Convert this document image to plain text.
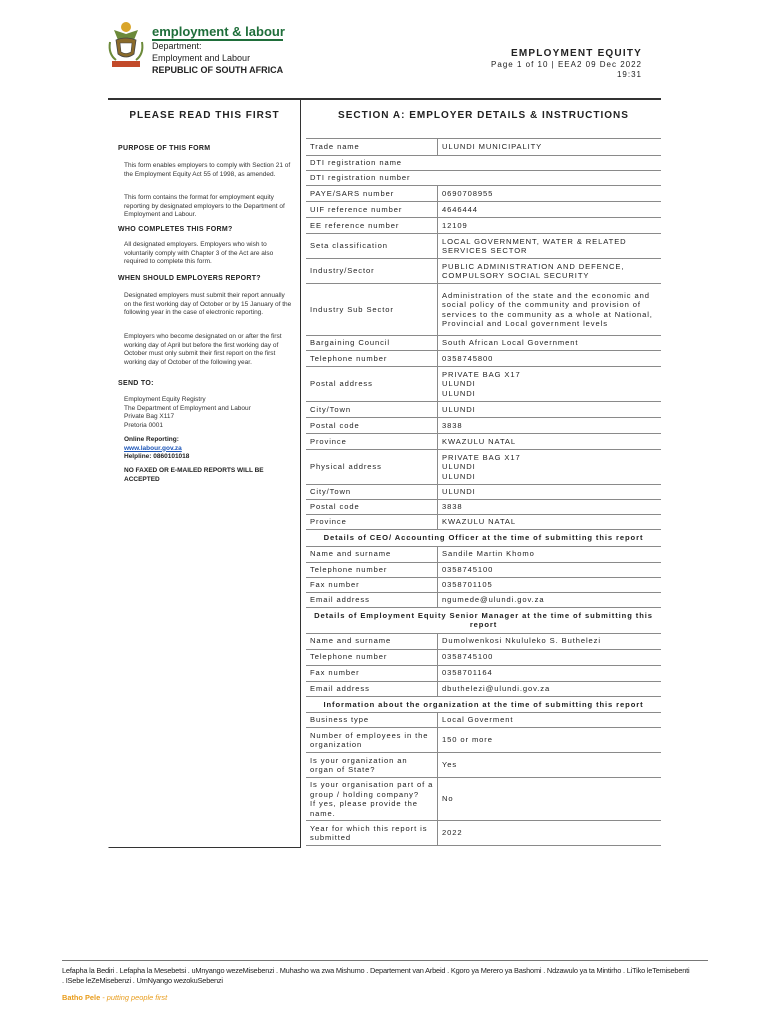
employment & labour
Department:
Employment and Labour
REPUBLIC OF SOUTH AFRICA
EMPLOYMENT EQUITY
Page 1 of 10 | EEA2 09 Dec 2022
19:31
PLEASE READ THIS FIRST
PURPOSE OF THIS FORM
This form enables employers to comply with Section 21 of the Employment Equity Act 55 of 1998, as amended.
This form contains the format for employment equity reporting by designated employers to the Department of Employment and Labour.
WHO COMPLETES THIS FORM?
All designated employers. Employers who wish to voluntarily comply with Chapter 3 of the Act are also required to complete this form.
WHEN SHOULD EMPLOYERS REPORT?
Designated employers must submit their report annually on the first working day of October or by 15 January of the following year in the case of electronic reporting.
Employers who become designated on or after the first working day of April but before the first working day of October must only submit their first report on the first working day of October of the following year.
SEND TO:
Employment Equity Registry
The Department of Employment and Labour
Private Bag X117
Pretoria 0001
Online Reporting:
www.labour.gov.za
Helpline: 0860101018
NO FAXED OR E-MAILED REPORTS WILL BE ACCEPTED
SECTION A: EMPLOYER DETAILS & INSTRUCTIONS
Trade name	ULUNDI MUNICIPALITY
DTI registration name	
DTI registration number	
PAYE/SARS number	0690708955
UIF reference number	4646444
EE reference number	12109
Seta classification	LOCAL GOVERNMENT, WATER & RELATED SERVICES SECTOR
Industry/Sector	PUBLIC ADMINISTRATION AND DEFENCE, COMPULSORY SOCIAL SECURITY
Industry Sub Sector	Administration of the state and the economic and social policy of the community and provision of services to the community as a whole at National, Provincial and Local government levels
Bargaining Council	South African Local Government
Telephone number	0358745800
Postal address	PRIVATE BAG X17
ULUNDI
ULUNDI

City/Town	ULUNDI
Postal code	3838
Province	KWAZULU NATAL
Physical address	PRIVATE BAG X17
ULUNDI
ULUNDI

City/Town	ULUNDI
Postal code	3838
Province	KWAZULU NATAL
Details of CEO/ Accounting Officer at the time of submitting this report	
Name and surname	Sandile Martin Khomo
Telephone number	0358745100
Fax number	0358701105
Email address	ngumede@ulundi.gov.za
Details of Employment Equity Senior Manager at the time of submitting this report	
Name and surname	Dumolwenkosi Nkululeko S. Buthelezi
Telephone number	0358745100
Fax number	0358701164
Email address	dbuthelezi@ulundi.gov.za
Information about the organization at the time of submitting this report	
Business type	Local Goverment
Number of employees in the organization	150 or more
Is your organization an organ of State?	Yes

Is your organisation part of a group / holding company?
If yes, please provide the name.	No
Year for which this report is submitted	2022
Lefapha la Bediri . Lefapha la Mesebetsi . uMnyango wezeMisebenzi . Muhasho wa zwa Mishumo . Departement van Arbeid . Kgoro ya Merero ya Bashomi . Ndzawulo ya ta Mintirho . LiTiko leTemisebenti . ISebe leZeMisebenzi . UmNyango wezokuSebenzi
Batho Pele - putting people first
